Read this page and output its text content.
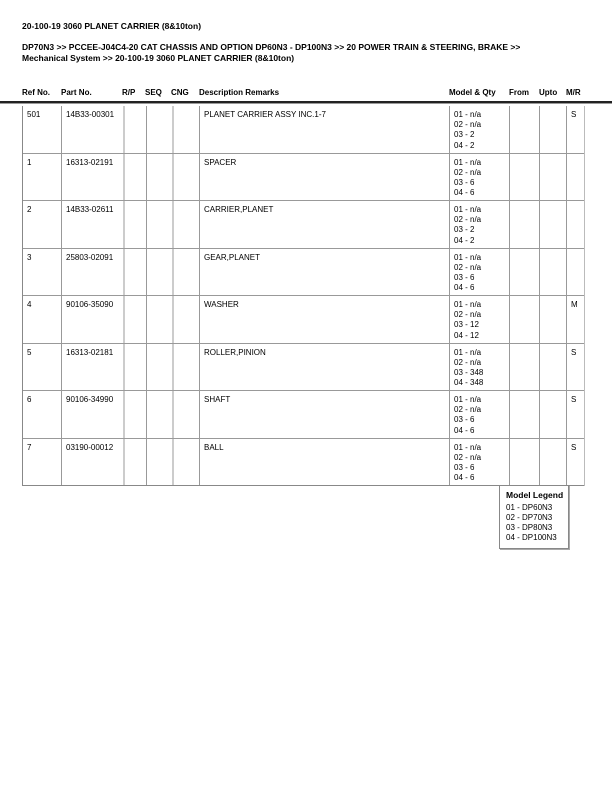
20-100-19 3060 PLANET CARRIER (8&10ton)
DP70N3 >> PCCEE-J04C4-20 CAT CHASSIS AND OPTION DP60N3 - DP100N3 >> 20 POWER TRAIN & STEERING, BRAKE >>
Mechanical System >> 20-100-19 3060 PLANET CARRIER (8&10ton)
Ref No. Part No.	R/P SEQ CNG Description Remarks	Model & Qty From Upto M/R
501	14B33-00301	PLANET CARRIER ASSY INC.1-7	01 - n/a
02 - n/a
03 - 2
04 - 2
S
1	16313-02191	SPACER	01 - n/a
02 - n/a
03 - 6
04 - 6
2	14B33-02611	CARRIER,PLANET	01 - n/a
02 - n/a
03 - 2
04 - 2
3	25803-02091	GEAR,PLANET	01 - n/a
02 - n/a
03 - 6
04 - 6
4	90106-35090	WASHER	01 - n/a
02 - n/a
03 - 12
04 - 12
M
5	16313-02181	ROLLER,PINION	01 - n/a
02 - n/a
03 - 348
04 - 348
S
6	90106-34990	SHAFT	01 - n/a
02 - n/a
03 - 6
04 - 6
S
7	03190-00012	BALL	01 - n/a
02 - n/a
03 - 6
04 - 6
S
Model Legend
01 - DP60N3
02 - DP70N3
03 - DP80N3
04 - DP100N3
